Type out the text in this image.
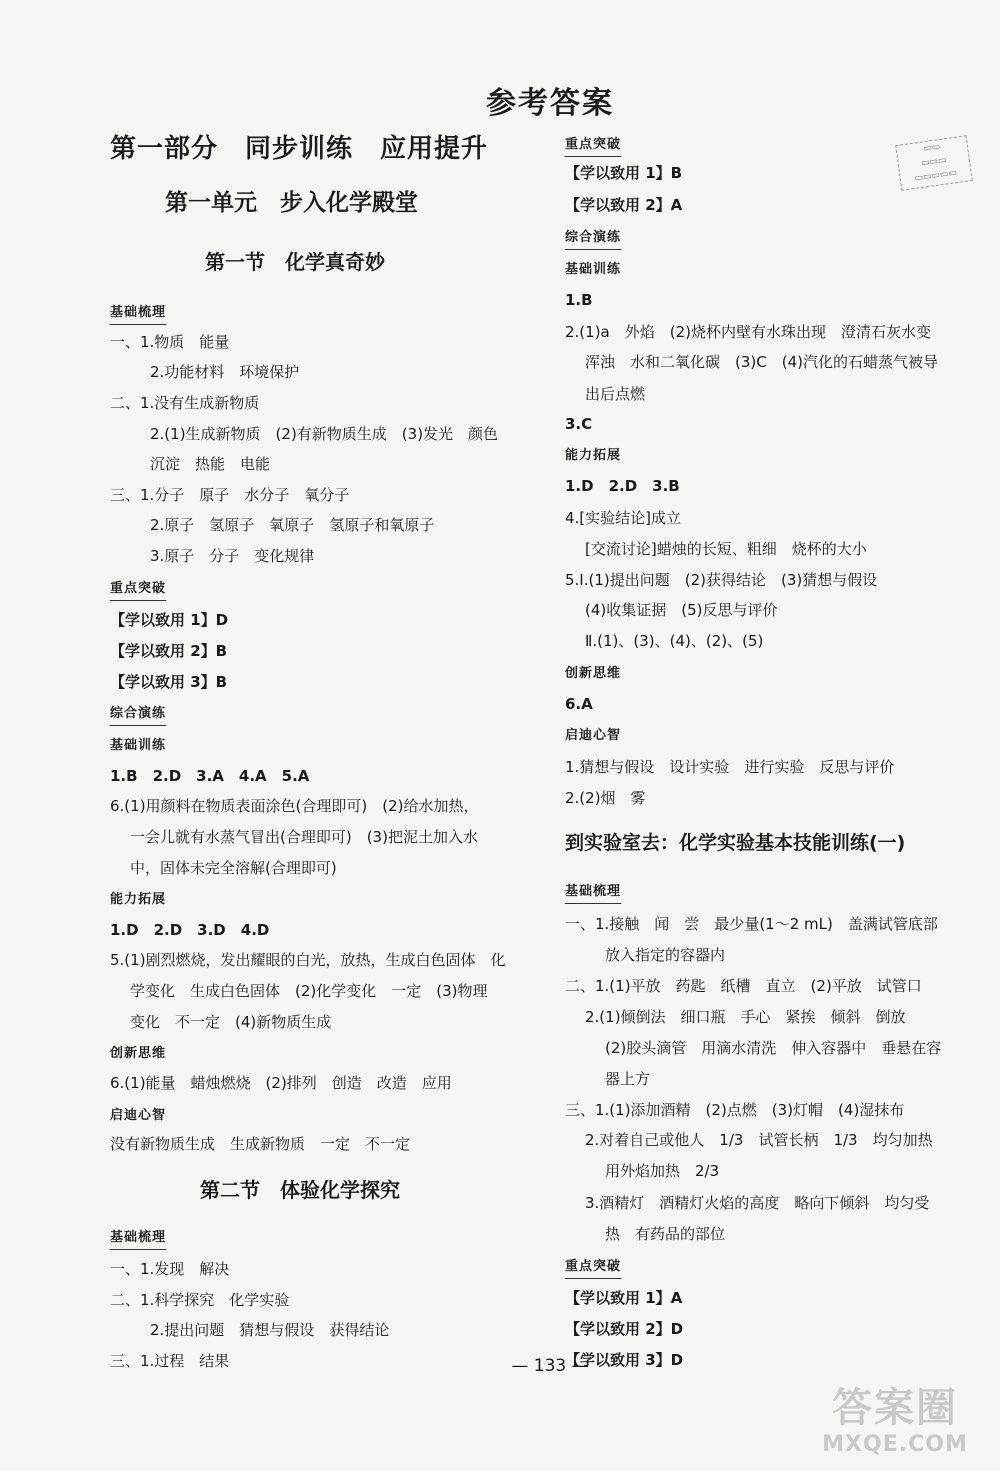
参考答案
▭▭
▭▭▭
▭▭▭▭▭
第一部分　同步训练　应用提升
第一单元　步入化学殿堂
第一节　化学真奇妙
基础梳理
一、1.物质　能量
2.功能材料　环境保护
二、1.没有生成新物质
2.(1)生成新物质　(2)有新物质生成　(3)发光　颜色
沉淀　热能　电能
三、1.分子　原子　水分子　氧分子
2.原子　氢原子　氧原子　氢原子和氧原子
3.原子　分子　变化规律
重点突破
【学以致用 1】D
【学以致用 2】B
【学以致用 3】B
综合演练
基础训练
1.B　2.D　3.A　4.A　5.A
6.(1)用颜料在物质表面涂色(合理即可)　(2)给水加热，
一会儿就有水蒸气冒出(合理即可)　(3)把泥土加入水
中，固体未完全溶解(合理即可)
能力拓展
1.D　2.D　3.D　4.D
5.(1)剧烈燃烧，发出耀眼的白光，放热，生成白色固体　化
学变化　生成白色固体　(2)化学变化　一定　(3)物理
变化　不一定　(4)新物质生成
创新思维
6.(1)能量　蜡烛燃烧　(2)排列　创造　改造　应用
启迪心智
没有新物质生成　生成新物质　一定　不一定
第二节　体验化学探究
基础梳理
一、1.发现　解决
二、1.科学探究　化学实验
2.提出问题　猜想与假设　获得结论
三、1.过程　结果
重点突破
【学以致用 1】B
【学以致用 2】A
综合演练
基础训练
1.B
2.(1)a　外焰　(2)烧杯内壁有水珠出现　澄清石灰水变
浑浊　水和二氧化碳　(3)C　(4)汽化的石蜡蒸气被导
出后点燃
3.C
能力拓展
1.D　2.D　3.B
4.[实验结论]成立
[交流讨论]蜡烛的长短、粗细　烧杯的大小
5.Ⅰ.(1)提出问题　(2)获得结论　(3)猜想与假设
(4)收集证据　(5)反思与评价
Ⅱ.(1)、(3)、(4)、(2)、(5)
创新思维
6.A
启迪心智
1.猜想与假设　设计实验　进行实验　反思与评价
2.(2)烟　雾
到实验室去：化学实验基本技能训练(一)
基础梳理
一、1.接触　闻　尝　最少量(1～2 mL)　盖满试管底部
放入指定的容器内
二、1.(1)平放　药匙　纸槽　直立　(2)平放　试管口
2.(1)倾倒法　细口瓶　手心　紧挨　倾斜　倒放
(2)胶头滴管　用滴水清洗　伸入容器中　垂悬在容
器上方
三、1.(1)添加酒精　(2)点燃　(3)灯帽　(4)湿抹布
2.对着自己或他人　1/3　试管长柄　1/3　均匀加热
用外焰加热　2/3
3.酒精灯　酒精灯火焰的高度　略向下倾斜　均匀受
热　有药品的部位
重点突破
【学以致用 1】A
【学以致用 2】D
【学以致用 3】D
— 133 —
答案圈
MXQE.COM
